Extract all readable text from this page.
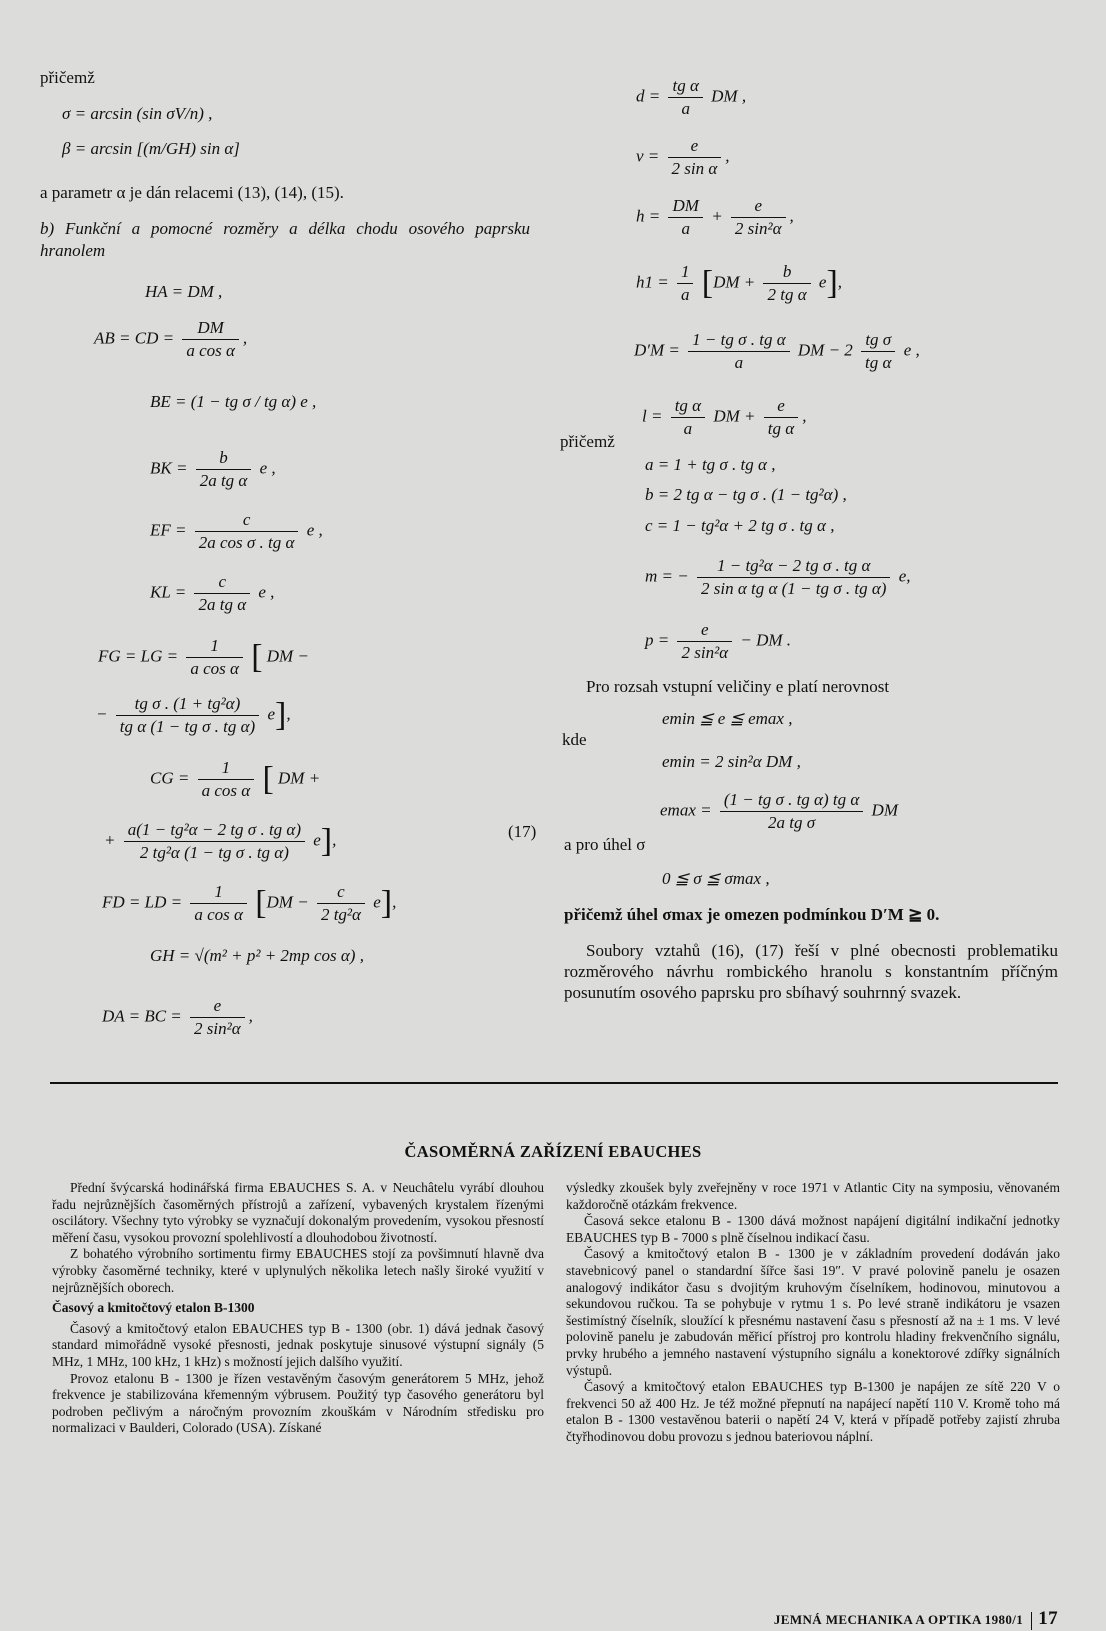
přičemž
σ = arcsin (sin σV/n) ,
β = arcsin [(m/GH) sin α]
a parametr α je dán relacemi (13), (14), (15).
b) Funkční a pomocné rozměry a délka chodu osového paprsku hranolem
HA = DM ,
AB = CD = $\frac{DM}{\text{a cos α}}$ ,
BE = (1 − tg σ / tg α) e ,
BK = $\frac{b}{\text{2a tg α}}$ e ,
EF = $\frac{c}{\text{2a cos σ . tg α}}$ e ,
KL = $\frac{c}{\text{2a tg α}}$ e ,
FG = LG = $\frac{1}{\text{a cos α}}$ [ DM −
− $\frac{\text{tg σ . (1 + tg²α)}}{\text{tg α (1 − tg σ . tg α)}} e$],
CG = $\frac{1}{\text{a cos α}}$ [ DM +
+ $\frac{\text{a(1 − tg²α − 2 tg σ . tg α)}}{\text{2 tg²α (1 − tg σ . tg α)}} e$],	(17)
FD = LD = $\frac{1}{\text{a cos α}} [DM - \frac{c}{\text{2 tg²α}} e]$,
GH = √(m² + p² + 2mp cos α) ,
DA = BC = $\frac{e}{\text{2 sin²α}}$ ,
$d = \frac{\text{tg α}}{a}$ DM ,
$v = \frac{e}{\text{2 sin α}}$ ,
$h = \frac{DM}{a} + \frac{e}{\text{2 sin²α}}$ ,
$h1 = \frac{1}{a} [DM + \frac{b}{\text{2 tg α}} e]$,
$D'M = \frac{\text{1 − tg σ . tg α}}{a}$ DM − $2 \frac{\text{tg σ}}{\text{tg α}}$ e ,
$l = \frac{\text{tg α}}{a}$ DM + $\frac{e}{\text{tg α}}$ ,
přičemž
a = 1 + tg σ . tg α ,
b = 2 tg α − tg σ . (1 − tg²α) ,
c = 1 − tg²α + 2 tg σ . tg α ,
m = − $\frac{\text{1 − tg²α − 2 tg σ . tg α}}{\text{2 sin α tg α (1 − tg σ . tg α)}} e$,
$p = \frac{e}{\text{2 sin²α}}$ − DM .
Pro rozsah vstupní veličiny e platí nerovnost
emin ≦ e ≦ emax ,
kde
emin = 2 sin²α DM ,
$emax = \frac{\text{(1 − tg σ . tg α) tg α}}{\text{2a tg σ}}$ DM
a pro úhel σ
0 ≦ σ ≦ σmax ,
přičemž úhel σmax je omezen podmínkou D′M ≧ 0.
Soubory vztahů (16), (17) řeší v plné obecnosti problematiku rozměrového návrhu rombického hranolu s konstantním příčným posunutím osového paprsku pro sbíhavý souhrnný svazek.
ČASOMĚRNÁ ZAŘÍZENÍ EBAUCHES

Přední švýcarská hodinářská firma EBAUCHES S. A. v Neuchâtelu vyrábí dlouhou řadu nejrůznějších časoměrných přístrojů a zařízení, vybavených krystalem řízenými oscilátory. Všechny tyto výrobky se vyznačují dokonalým provedením, vysokou přesností měření času, vysokou provozní spolehlivostí a dlouhodobou životností.

Z bohatého výrobního sortimentu firmy EBAUCHES stojí za povšimnutí hlavně dva výrobky časoměrné techniky, které v uplynulých několika letech našly široké využití v nejrůznějších oborech.

Časový a kmitočtový etalon B-1300

Časový a kmitočtový etalon EBAUCHES typ B - 1300 (obr. 1) dává jednak časový standard mimořádně vysoké přesnosti, jednak poskytuje sinusové výstupní signály (5 MHz, 1 MHz, 100 kHz, 1 kHz) s možností jejich dalšího využití.

Provoz etalonu B - 1300 je řízen vestavěným časovým generátorem 5 MHz, jehož frekvence je stabilizována křemenným výbrusem. Použitý typ časového generátoru byl podroben pečlivým a náročným provozním zkouškám v Národním středisku pro normalizaci v Baulderi, Colorado (USA). Získané

výsledky zkoušek byly zveřejněny v roce 1971 v Atlantic City na symposiu, věnovaném každoročně otázkám frekvence.

Časová sekce etalonu B - 1300 dává možnost napájení digitální indikační jednotky EBAUCHES typ B - 7000 s plně číselnou indikací času.

Časový a kmitočtový etalon B - 1300 je v základním provedení dodáván jako stavebnicový panel o standardní šířce šasi 19″. V pravé polovině panelu je osazen analogový indikátor času s dvojitým kruhovým číselníkem, hodinovou, minutovou a sekundovou ručkou. Ta se pohybuje v rytmu 1 s. Po levé straně indikátoru je vsazen šestimístný číselník, sloužící k přesnému nastavení času s přesností až na ± 1 ms. V levé polovině panelu je zabudován měřicí přístroj pro kontrolu hladiny frekvenčního signálu, prvky hrubého a jemného nastavení výstupního signálu a konektorové zdířky signálních výstupů.

Časový a kmitočtový etalon EBAUCHES typ B-1300 je napájen ze sítě 220 V o frekvenci 50 až 400 Hz. Je též možné přepnutí na napájecí napětí 110 V. Kromě toho má etalon B - 1300 vestavěnou baterii o napětí 24 V, která v případě potřeby zajistí zhruba čtyřhodinovou dobu provozu s jednou bateriovou náplní.

JEMNÁ MECHANIKA A OPTIKA 1980/1 17
